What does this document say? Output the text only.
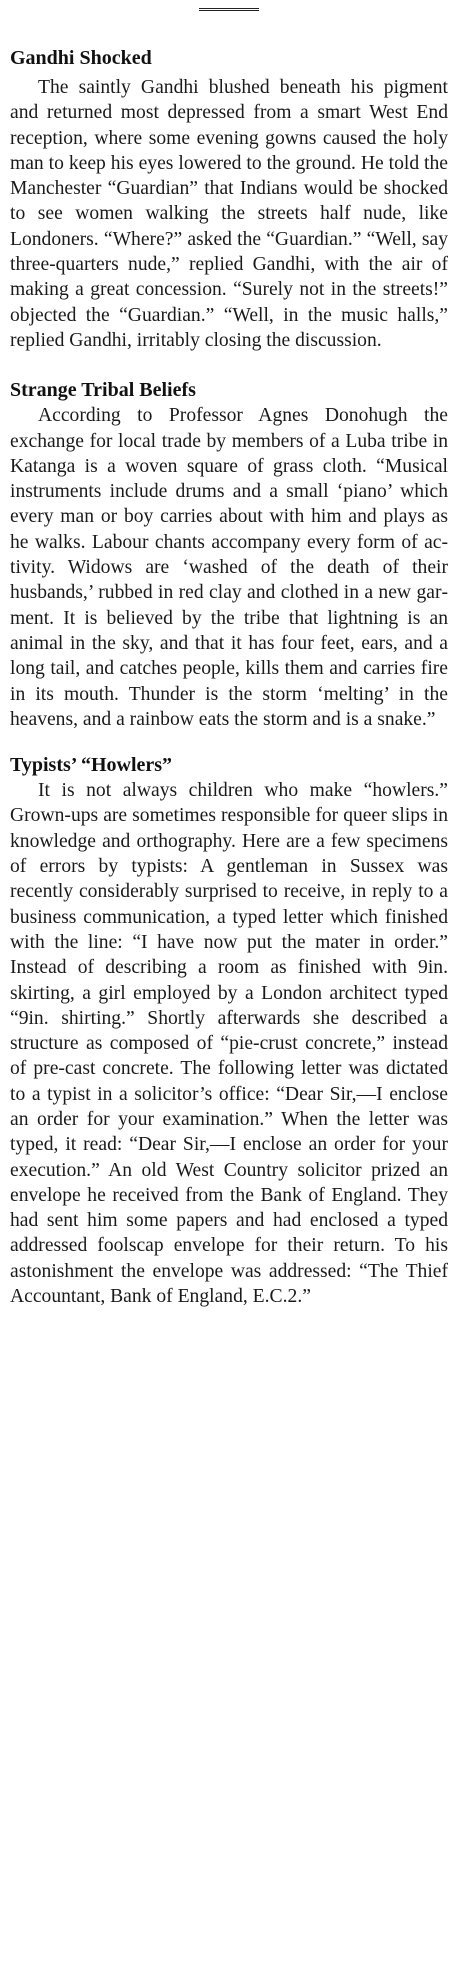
Gandhi Shocked

The saintly Gandhi blushed beneath his pigment and returned most depressed from a smart West End reception, where some evening gowns caused the holy man to keep his eyes lowered to the ground. He told the Manchester “Guardian” that Indians would be shocked to see women walking the streets half nude, like Londoners. “Where?” asked the “Guardian.” “Well, say three-quarters nude,” replied Gandhi, with the air of making a great concession. “Surely not in the streets!” objected the “Guardian.” “Well, in the music halls,” replied Gandhi, irritably closing the discussion.

Strange Tribal Beliefs

According to Professor Agnes Donohugh the exchange for local trade by members of a Luba tribe in Katanga is a woven square of grass cloth. “Musical instruments include drums and a small ‘piano’ which every man or boy carries about with him and plays as he walks. Labour chants accompany every form of activity. Widows are ‘washed of the death of their husbands,’ rubbed in red clay and clothed in a new garment. It is believed by the tribe that lightning is an animal in the sky, and that it has four feet, ears, and a long tail, and catches people, kills them and carries fire in its mouth. Thunder is the storm ‘melting’ in the heavens, and a rainbow eats the storm and is a snake.”

Typists’ “Howlers”

It is not always children who make “howlers.” Grown-ups are sometimes responsible for queer slips in knowledge and orthography. Here are a few specimens of errors by typists: A gentleman in Sussex was recently considerably surprised to receive, in reply to a business communication, a typed letter which finished with the line: “I have now put the mater in order.” Instead of describing a room as finished with 9in. skirting, a girl employed by a London architect typed “9in. shirting.” Shortly afterwards she described a structure as composed of “pie-crust concrete,” instead of pre-cast concrete. The following letter was dictated to a typist in a solicitor’s office: “Dear Sir,—I enclose an order for your examination.” When the letter was typed, it read: “Dear Sir,—I enclose an order for your execution.” An old West Country solicitor prized an envelope he received from the Bank of England. They had sent him some papers and had enclosed a typed addressed foolscap envelope for their return. To his astonishment the envelope was addressed: “The Thief Accountant, Bank of England, E.C.2.”
